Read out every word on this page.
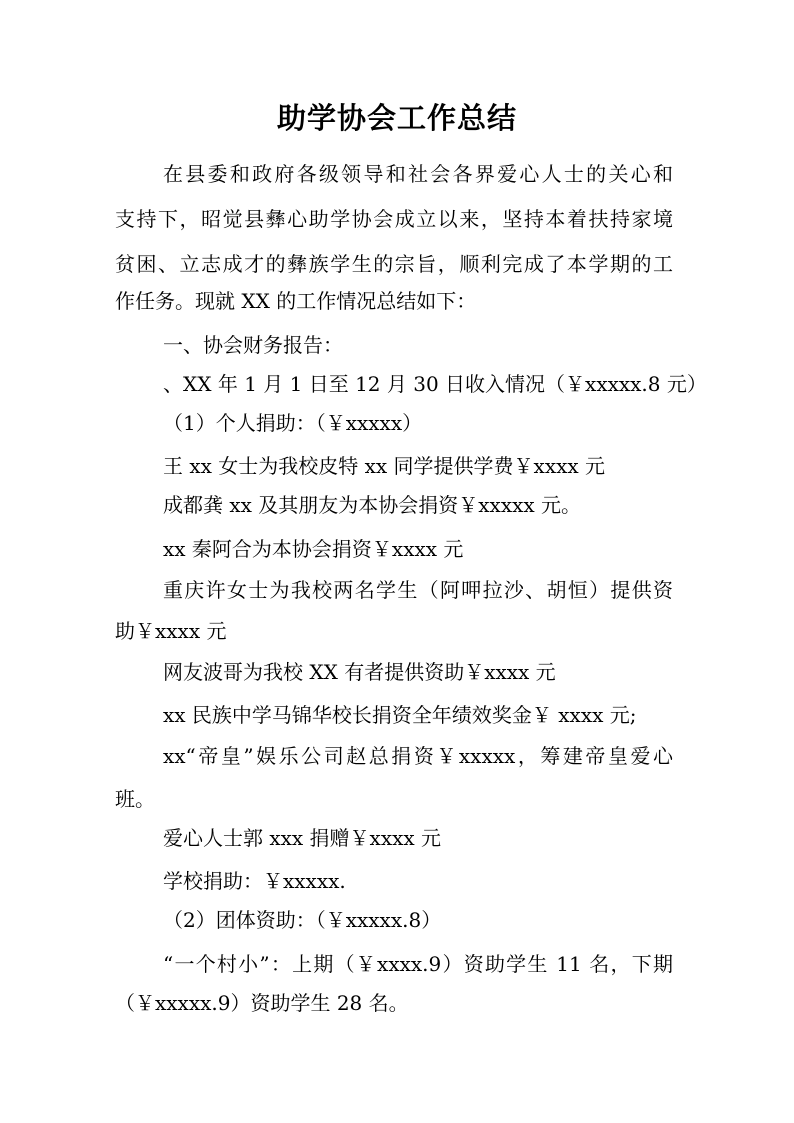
助学协会工作总结

在县委和政府各级领导和社会各界爱心人士的关心和

支持下，昭觉县彝心助学协会成立以来，坚持本着扶持家境

贫困、立志成才的彝族学生的宗旨，顺利完成了本学期的工

作任务。现就 XX 的工作情况总结如下：

一、协会财务报告：

、XX 年 1 月 1 日至 12 月 30 日收入情况（￥xxxxx.8 元）

（1）个人捐助：（￥xxxxx）

王 xx 女士为我校皮特 xx 同学提供学费￥xxxx 元

成都龚 xx 及其朋友为本协会捐资￥xxxxx 元。

xx 秦阿合为本协会捐资￥xxxx 元

重庆许女士为我校两名学生（阿呷拉沙、胡恒）提供资

助￥xxxx 元

网友波哥为我校 XX 有者提供资助￥xxxx 元

xx 民族中学马锦华校长捐资全年绩效奖金￥ xxxx 元;

xx“帝皇”娱乐公司赵总捐资￥xxxxx，筹建帝皇爱心

班。

爱心人士郭 xxx 捐赠￥xxxx 元

学校捐助：￥xxxxx.

（2）团体资助：（￥xxxxx.8）

“一个村小”：上期（￥xxxx.9）资助学生 11 名，下期

（￥xxxxx.9）资助学生 28 名。
